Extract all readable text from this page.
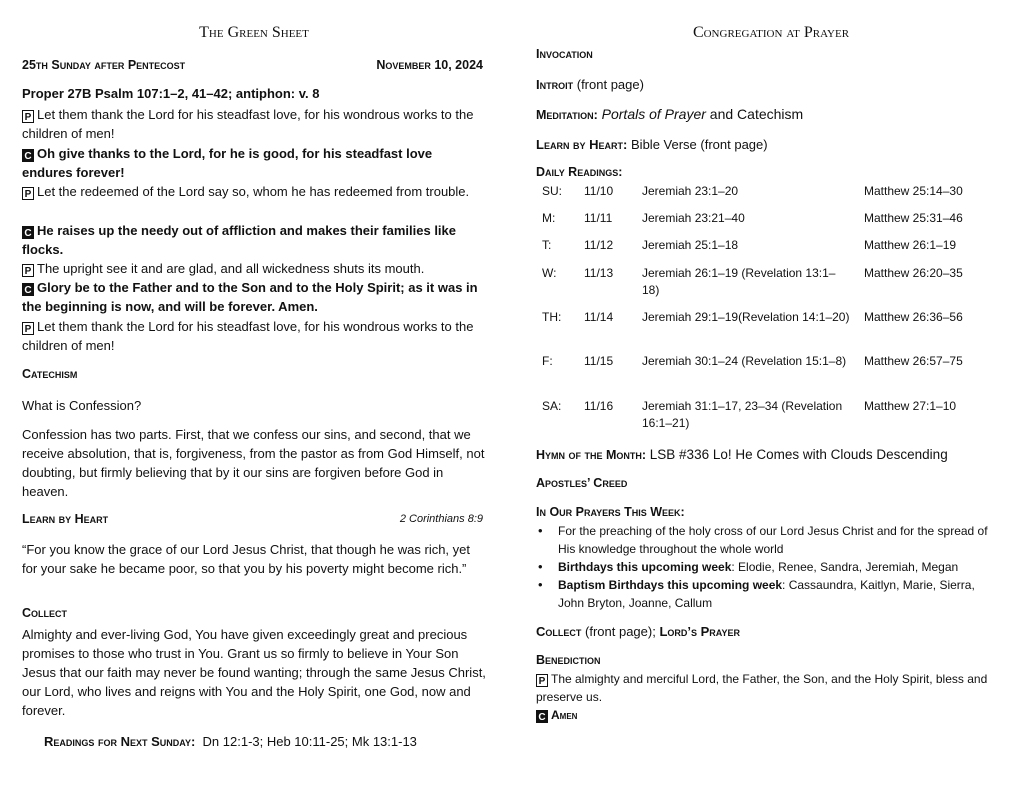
The Green Sheet
25th Sunday after Pentecost	November 10, 2024
Proper 27B Psalm 107:1–2, 41–42; antiphon: v. 8
P Let them thank the Lord for his steadfast love, for his wondrous works to the children of men!
C Oh give thanks to the Lord, for he is good, for his steadfast love endures forever!
P Let the redeemed of the Lord say so, whom he has redeemed from trouble.
C He raises up the needy out of affliction and makes their families like flocks.
P The upright see it and are glad, and all wickedness shuts its mouth.
C Glory be to the Father and to the Son and to the Holy Spirit; as it was in the beginning is now, and will be forever. Amen.
P Let them thank the Lord for his steadfast love, for his wondrous works to the children of men!
Catechism
What is Confession?
Confession has two parts. First, that we confess our sins, and second, that we receive absolution, that is, forgiveness, from the pastor as from God Himself, not doubting, but firmly believing that by it our sins are forgiven before God in heaven.
Learn by Heart	2 Corinthians 8:9
“For you know the grace of our Lord Jesus Christ, that though he was rich, yet for your sake he became poor, so that you by his poverty might become rich.”
Collect
Almighty and ever-living God, You have given exceedingly great and precious promises to those who trust in You. Grant us so firmly to believe in Your Son Jesus that our faith may never be found wanting; through the same Jesus Christ, our Lord, who lives and reigns with You and the Holy Spirit, one God, now and forever.
Readings for Next Sunday: Dn 12:1-3; Heb 10:11-25; Mk 13:1-13
Congregation at Prayer
Invocation
Introit (front page)
Meditation: Portals of Prayer and Catechism
Learn by Heart: Bible Verse (front page)
Daily Readings:
SU:	11/10	Jeremiah 23:1–20	Matthew 25:14–30
M:	11/11	Jeremiah 23:21–40	Matthew 25:31–46
T:	11/12	Jeremiah 25:1–18	Matthew 26:1–19
W:	11/13	Jeremiah 26:1–19 (Revelation 13:1–18)	Matthew 26:20–35
TH:	11/14	Jeremiah 29:1–19(Revelation 14:1–20)	Matthew 26:36–56
F:	11/15	Jeremiah 30:1–24 (Revelation 15:1–8)	Matthew 26:57–75
SA:	11/16	Jeremiah 31:1–17, 23–34 (Revelation 16:1–21)	Matthew 27:1–10
Hymn of the Month: LSB #336 Lo! He Comes with Clouds Descending
Apostles’ Creed
In Our Prayers This Week:
• For the preaching of the holy cross of our Lord Jesus Christ and for the spread of His knowledge throughout the whole world
• Birthdays this upcoming week: Elodie, Renee, Sandra, Jeremiah, Megan
• Baptism Birthdays this upcoming week: Cassaundra, Kaitlyn, Marie, Sierra, John Bryton, Joanne, Callum
Collect (front page); Lord’s Prayer
Benediction
P The almighty and merciful Lord, the Father, the Son, and the Holy Spirit, bless and preserve us.
C Amen
